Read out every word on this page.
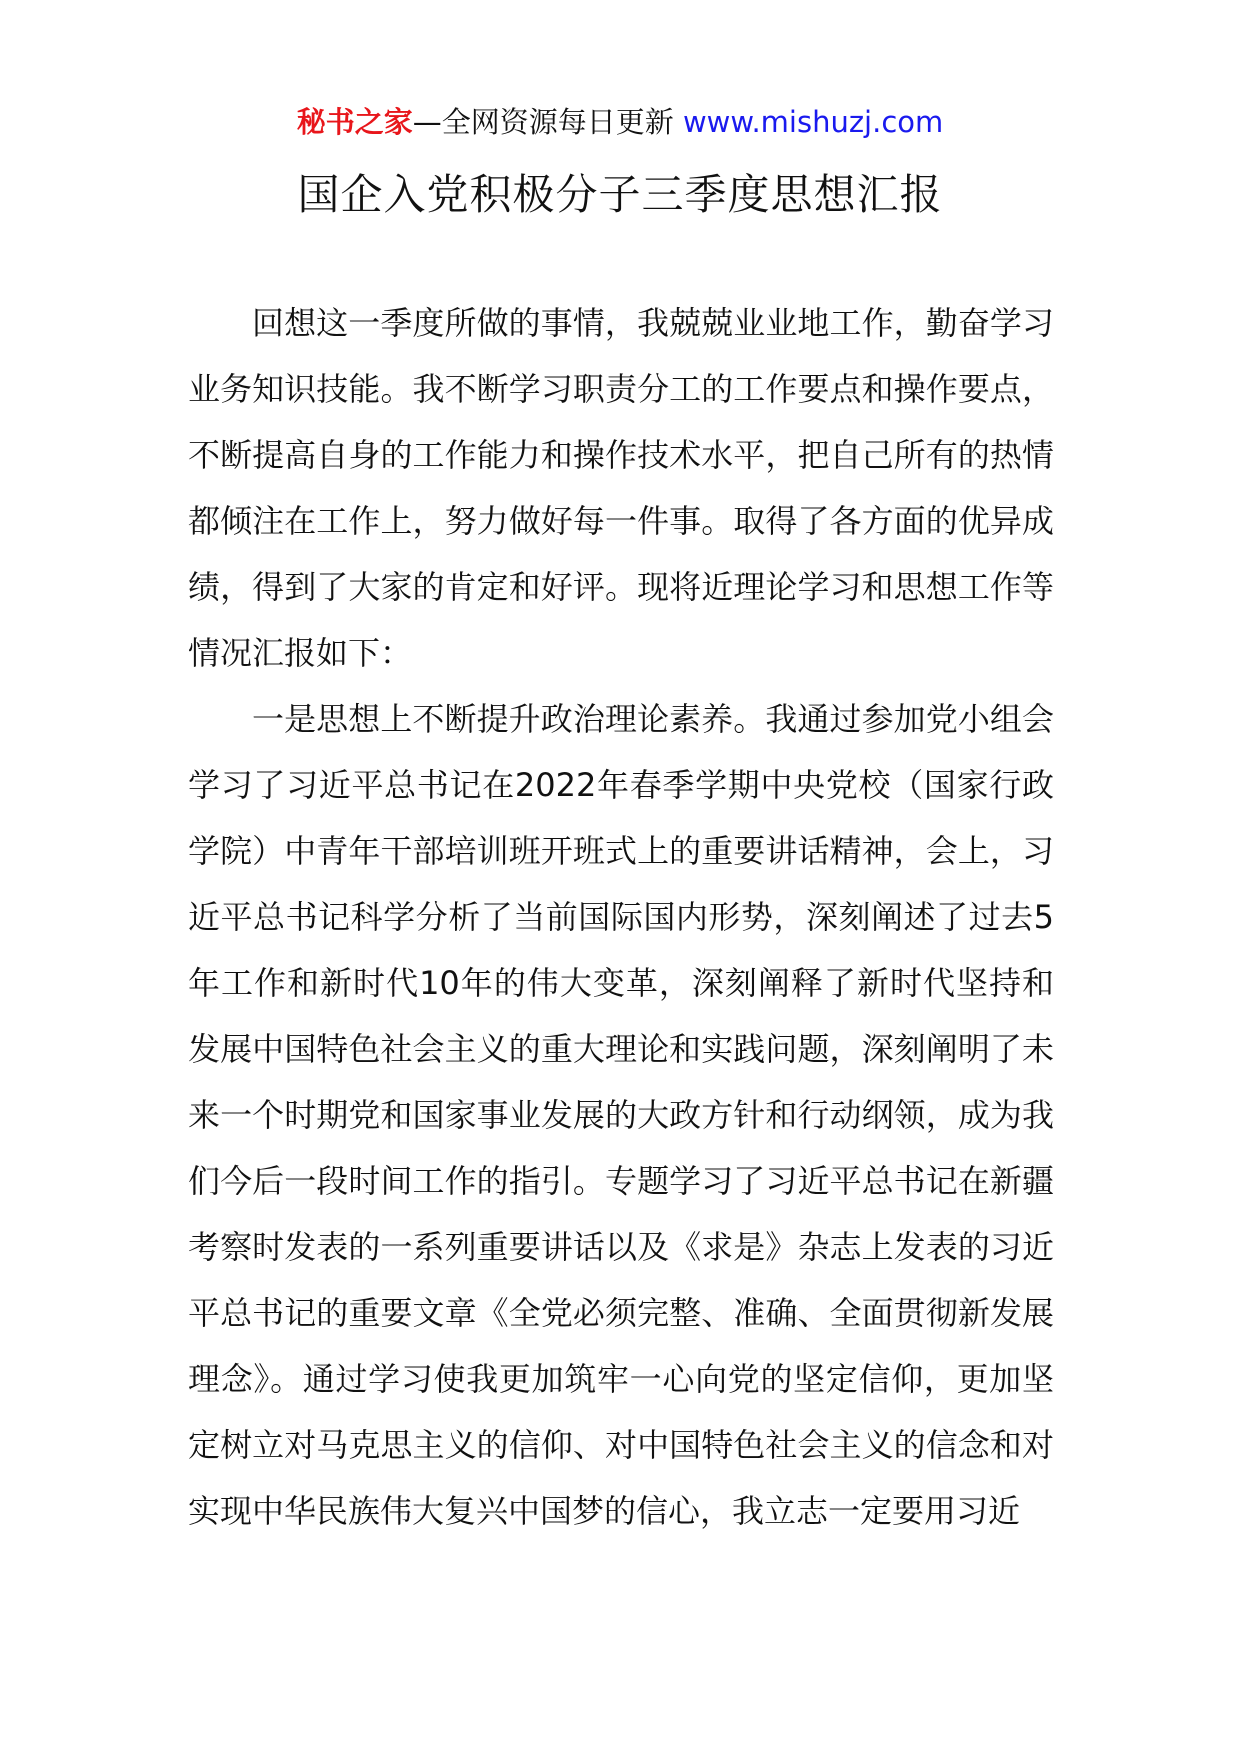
秘书之家—全网资源每日更新 www.mishuzj.com
国企入党积极分子三季度思想汇报

回想这一季度所做的事情，我兢兢业业地工作，勤奋学习业务知识技能。我不断学习职责分工的工作要点和操作要点，不断提高自身的工作能力和操作技术水平，把自己所有的热情都倾注在工作上，努力做好每一件事。取得了各方面的优异成绩，得到了大家的肯定和好评。现将近理论学习和思想工作等情况汇报如下：

一是思想上不断提升政治理论素养。我通过参加党小组会学习了习近平总书记在2022年春季学期中央党校（国家行政学院）中青年干部培训班开班式上的重要讲话精神，会上，习近平总书记科学分析了当前国际国内形势，深刻阐述了过去5年工作和新时代10年的伟大变革，深刻阐释了新时代坚持和发展中国特色社会主义的重大理论和实践问题，深刻阐明了未来一个时期党和国家事业发展的大政方针和行动纲领，成为我们今后一段时间工作的指引。专题学习了习近平总书记在新疆考察时发表的一系列重要讲话以及《求是》杂志上发表的习近平总书记的重要文章《全党必须完整、准确、全面贯彻新发展理念》。通过学习使我更加筑牢一心向党的坚定信仰，更加坚定树立对马克思主义的信仰、对中国特色社会主义的信念和对实现中华民族伟大复兴中国梦的信心，我立志一定要用习近
